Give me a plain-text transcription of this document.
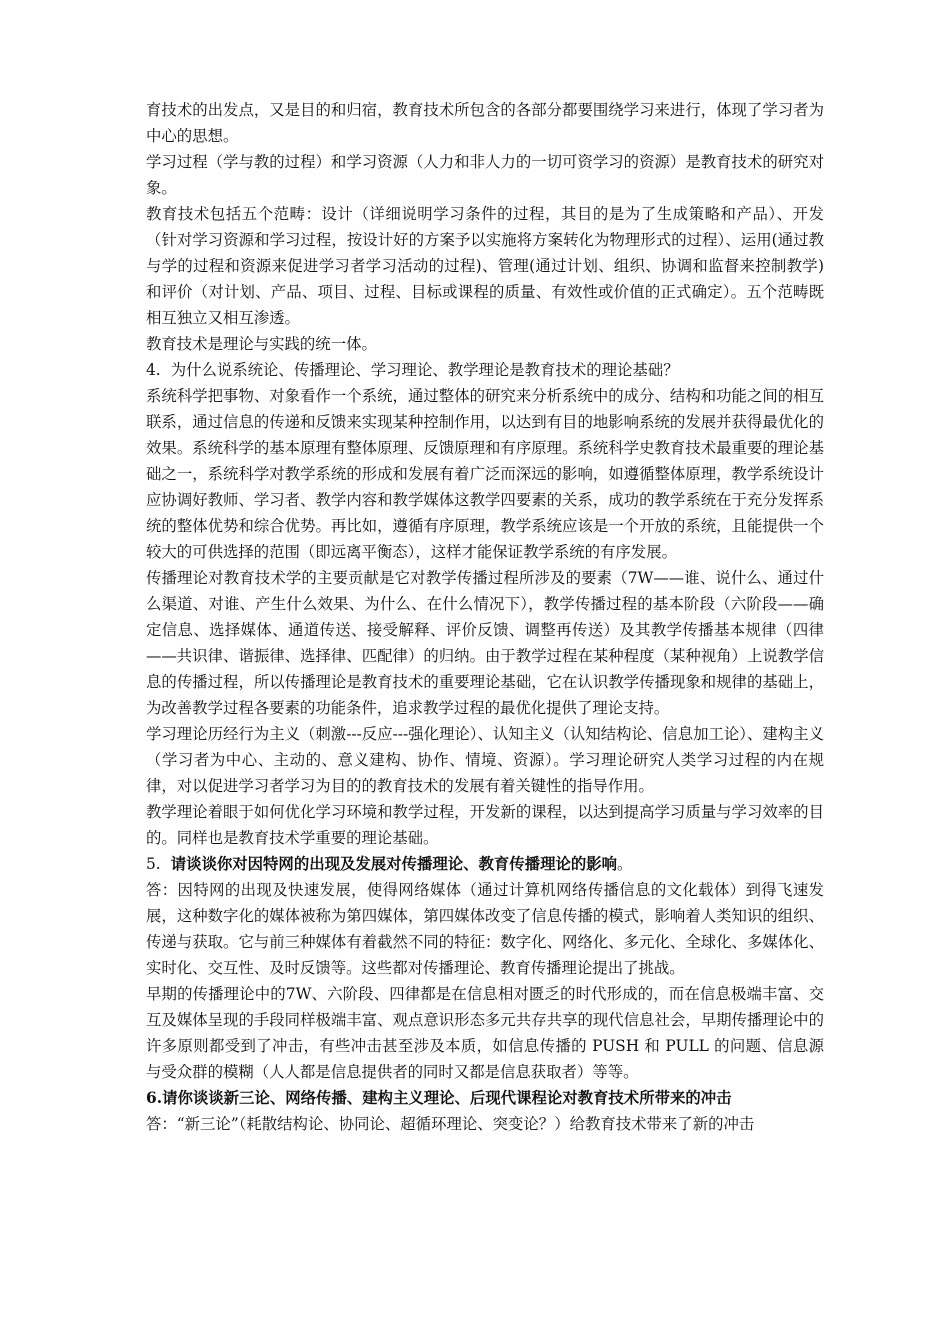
育技术的出发点，又是目的和归宿，教育技术所包含的各部分都要围绕学习来进行，体现了学习者为中心的思想。

学习过程（学与教的过程）和学习资源（人力和非人力的一切可资学习的资源）是教育技术的研究对象。

教育技术包括五个范畴：设计（详细说明学习条件的过程，其目的是为了生成策略和产品）、开发（针对学习资源和学习过程，按设计好的方案予以实施将方案转化为物理形式的过程）、运用(通过教与学的过程和资源来促进学习者学习活动的过程)、管理(通过计划、组织、协调和监督来控制教学)和评价（对计划、产品、项目、过程、目标或课程的质量、有效性或价值的正式确定）。五个范畴既相互独立又相互渗透。

教育技术是理论与实践的统一体。

4. 为什么说系统论、传播理论、学习理论、教学理论是教育技术的理论基础？

系统科学把事物、对象看作一个系统，通过整体的研究来分析系统中的成分、结构和功能之间的相互联系，通过信息的传递和反馈来实现某种控制作用，以达到有目的地影响系统的发展并获得最优化的效果。系统科学的基本原理有整体原理、反馈原理和有序原理。系统科学史教育技术最重要的理论基础之一，系统科学对教学系统的形成和发展有着广泛而深远的影响，如遵循整体原理，教学系统设计应协调好教师、学习者、教学内容和教学媒体这教学四要素的关系，成功的教学系统在于充分发挥系统的整体优势和综合优势。再比如，遵循有序原理，教学系统应该是一个开放的系统，且能提供一个较大的可供选择的范围（即远离平衡态），这样才能保证教学系统的有序发展。

传播理论对教育技术学的主要贡献是它对教学传播过程所涉及的要素（7W——谁、说什么、通过什么渠道、对谁、产生什么效果、为什么、在什么情况下），教学传播过程的基本阶段（六阶段——确定信息、选择媒体、通道传送、接受解释、评价反馈、调整再传送）及其教学传播基本规律（四律——共识律、谐振律、选择律、匹配律）的归纳。由于教学过程在某种程度（某种视角）上说教学信息的传播过程，所以传播理论是教育技术的重要理论基础，它在认识教学传播现象和规律的基础上，为改善教学过程各要素的功能条件，追求教学过程的最优化提供了理论支持。

学习理论历经行为主义（刺激---反应---强化理论）、认知主义（认知结构论、信息加工论）、建构主义（学习者为中心、主动的、意义建构、协作、情境、资源）。学习理论研究人类学习过程的内在规律，对以促进学习者学习为目的的教育技术的发展有着关键性的指导作用。

教学理论着眼于如何优化学习环境和教学过程，开发新的课程，以达到提高学习质量与学习效率的目的。同样也是教育技术学重要的理论基础。

5. 请谈谈你对因特网的出现及发展对传播理论、教育传播理论的影响。

答：因特网的出现及快速发展，使得网络媒体（通过计算机网络传播信息的文化载体）到得飞速发展，这种数字化的媒体被称为第四媒体，第四媒体改变了信息传播的模式，影响着人类知识的组织、传递与获取。它与前三种媒体有着截然不同的特征：数字化、网络化、多元化、全球化、多媒体化、实时化、交互性、及时反馈等。这些都对传播理论、教育传播理论提出了挑战。

早期的传播理论中的7W、六阶段、四律都是在信息相对匮乏的时代形成的，而在信息极端丰富、交互及媒体呈现的手段同样极端丰富、观点意识形态多元共存共享的现代信息社会，早期传播理论中的许多原则都受到了冲击，有些冲击甚至涉及本质，如信息传播的 PUSH 和 PULL 的问题、信息源与受众群的模糊（人人都是信息提供者的同时又都是信息获取者）等等。

6.请你谈谈新三论、网络传播、建构主义理论、后现代课程论对教育技术所带来的冲击

答：“新三论”（耗散结构论、协同论、超循环理论、突变论？）给教育技术带来了新的冲击
